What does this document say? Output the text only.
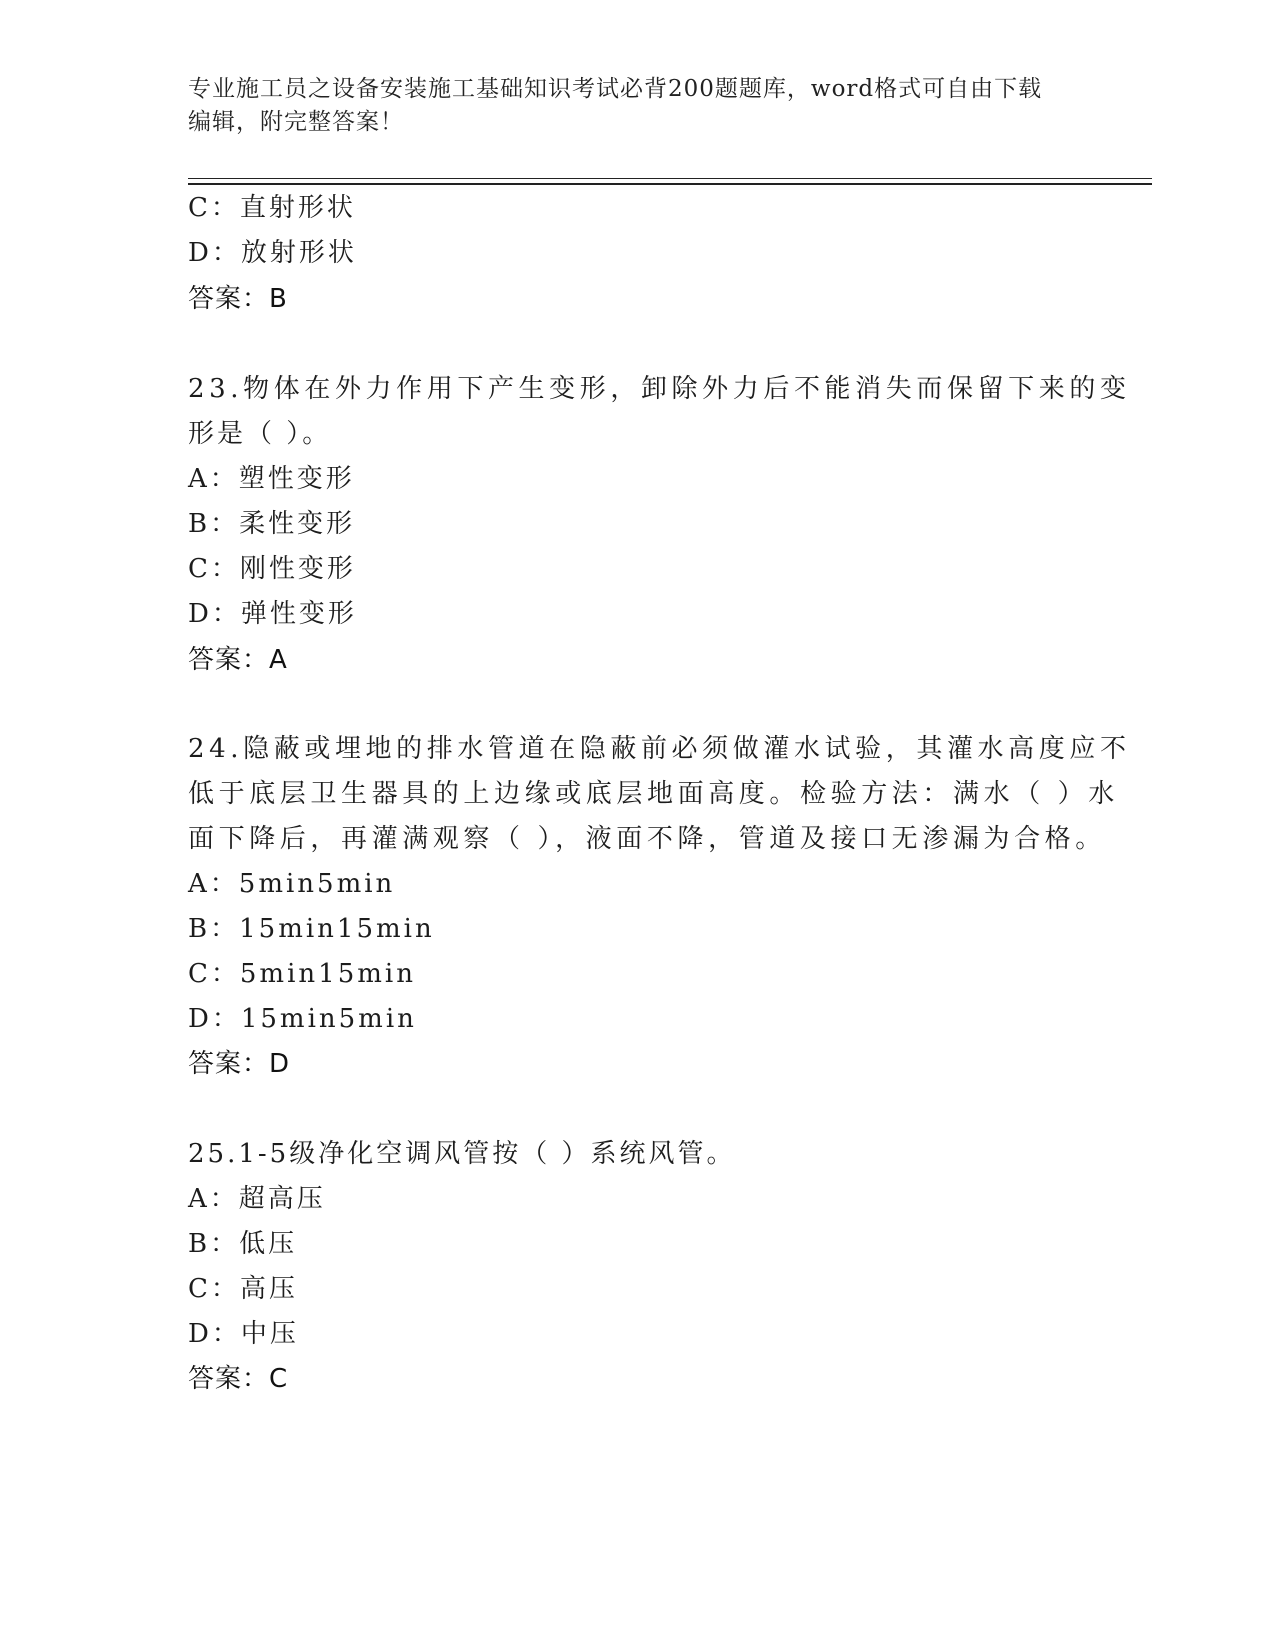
专业施工员之设备安装施工基础知识考试必背200题题库，word格式可自由下载
编辑，附完整答案！
C：直射形状
D：放射形状
答案：B
23.物体在外力作用下产生变形，卸除外力后不能消失而保留下来的变
形是（ ）。
A：塑性变形
B：柔性变形
C：刚性变形
D：弹性变形
答案：A
24.隐蔽或埋地的排水管道在隐蔽前必须做灌水试验，其灌水高度应不
低于底层卫生器具的上边缘或底层地面高度。检验方法：满水（ ）水
面下降后，再灌满观察（ ），液面不降，管道及接口无渗漏为合格。
A：5min5min
B：15min15min
C：5min15min
D：15min5min
答案：D
25.1-5级净化空调风管按（ ）系统风管。
A：超高压
B：低压
C：高压
D：中压
答案：C
